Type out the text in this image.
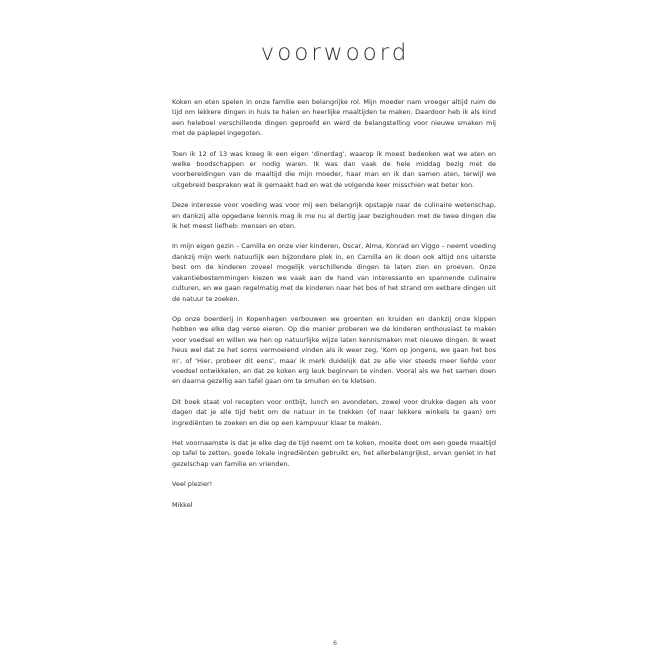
voorwoord

Koken en eten spelen in onze familie een belangrijke rol. Mijn moeder nam vroeger altijd ruim de tijd om lekkere dingen in huis te halen en heerlijke maaltijden te maken. Daardoor heb ik als kind een heleboel verschillende dingen geproefd en werd de belangstelling voor nieuwe smaken mij met de paplepel ingegoten.

Toen ik 12 of 13 was kreeg ik een eigen ‘dinerdag’, waarop ik moest bedenken wat we aten en welke boodschappen er nodig waren. Ik was dan vaak de hele middag bezig met de voorbereidingen van de maaltijd die mijn moeder, haar man en ik dan samen aten, terwijl we uitgebreid bespraken wat ik gemaakt had en wat de volgende keer misschien wat beter kon.

Deze interesse voor voeding was voor mij een belangrijk opstapje naar de culinaire wetenschap, en dankzij alle opgedane kennis mag ik me nu al dertig jaar bezighouden met de twee dingen die ik het meest liefheb: mensen en eten.

In mijn eigen gezin – Camilla en onze vier kinderen, Oscar, Alma, Konrad en Viggo – neemt voeding dankzij mijn werk natuurlijk een bijzondere plek in, en Camilla en ik doen ook altijd ons uiterste best om de kinderen zoveel mogelijk verschillende dingen te laten zien en proeven. Onze vakantiebestemmingen kiezen we vaak aan de hand van interessante en spannende culinaire culturen, en we gaan regelmatig met de kinderen naar het bos of het strand om eetbare dingen uit de natuur te zoeken.

Op onze boerderij in Kopenhagen verbouwen we groenten en kruiden en dankzij onze kippen hebben we elke dag verse eieren. Op die manier proberen we de kinderen enthousiast te maken voor voedsel en willen we hen op natuurlijke wijze laten kennismaken met nieuwe dingen. Ik weet heus wel dat ze het soms vermoeiend vinden als ik weer zeg, ‘Kom op jongens, we gaan het bos in’, of ‘Hier, probeer dit eens’, maar ik merk duidelijk dat ze alle vier steeds meer liefde voor voedsel ontwikkelen, en dat ze koken erg leuk beginnen te vinden. Vooral als we het samen doen en daarna gezellig aan tafel gaan om te smullen en te kletsen.

Dit boek staat vol recepten voor ontbijt, lunch en avondeten, zowel voor drukke dagen als voor dagen dat je alle tijd hebt om de natuur in te trekken (of naar lekkere winkels te gaan) om ingrediënten te zoeken en die op een kampvuur klaar te maken.

Het voornaamste is dat je elke dag de tijd neemt om te koken, moeite doet om een goede maaltijd op tafel te zetten, goede lokale ingrediënten gebruikt en, het allerbelangrijkst, ervan geniet in het gezelschap van familie en vrienden.

Veel plezier!

Mikkel

6
